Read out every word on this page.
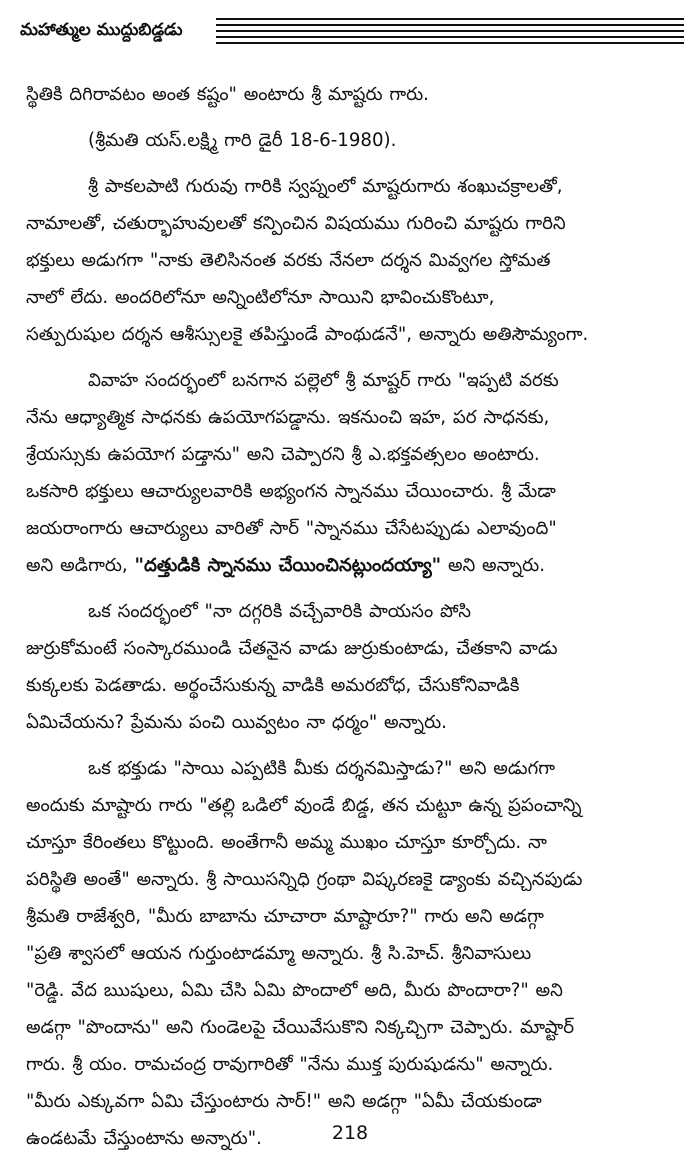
మహాత్ముల ముద్దుబిడ్డడు

స్థితికి దిగిరావటం అంత కష్టం" అంటారు శ్రీ మాష్టరు గారు.

(శ్రీమతి యస్.లక్ష్మి గారి డైరీ 18-6-1980).

శ్రీ పాకలపాటి గురువు గారికి స్వప్నంలో మాష్టరుగారు శంఖుచక్రాలతో,
నామాలతో, చతుర్భాహువులతో కన్పించిన విషయము గురించి మాష్టరు గారిని
భక్తులు అడుగగా "నాకు తెలిసినంత వరకు నేనలా దర్శన మివ్వగల స్తోమత
నాలో లేదు. అందరిలోనూ అన్నింటిలోనూ సాయిని భావించుకొంటూ,
సత్పురుషుల దర్శన ఆశీస్సులకై తపిస్తుండే పాంథుడనే", అన్నారు అతిసౌమ్యంగా.

వివాహ సందర్భంలో బనగాన పల్లెలో శ్రీ మాష్టర్ గారు "ఇప్పటి వరకు
నేను ఆధ్యాత్మిక సాధనకు ఉపయోగపడ్డాను. ఇకనుంచి ఇహ, పర సాధనకు,
శ్రేయస్సుకు ఉపయోగ పడ్తాను" అని చెప్పారని శ్రీ ఎ.భక్తవత్సలం అంటారు.
ఒకసారి భక్తులు ఆచార్యులవారికి అభ్యంగన స్నానము చేయించారు. శ్రీ మేడా
జయరాంగారు ఆచార్యులు వారితో సార్ "స్నానము చేసేటప్పుడు ఎలావుంది"
అని అడిగారు, "దత్తుడికి స్నానము చేయించినట్లుందయ్యా" అని అన్నారు.

ఒక సందర్భంలో "నా దగ్గరికి వచ్చేవారికి పాయసం పోసి
జుర్రుకోమంటే సంస్కారముండి చేతనైన వాడు జుర్రుకుంటాడు, చేతకాని వాడు
కుక్కలకు పెడతాడు. అర్థంచేసుకున్న వాడికి అమరబోధ, చేసుకోనివాడికి
ఏమిచేయను? ప్రేమను పంచి యివ్వటం నా ధర్మం" అన్నారు.

ఒక భక్తుడు "సాయి ఎప్పటికి మీకు దర్శనమిస్తాడు?" అని అడుగగా
అందుకు మాష్టారు గారు "తల్లి ఒడిలో వుండే బిడ్డ, తన చుట్టూ ఉన్న ప్రపంచాన్ని
చూస్తూ కేరింతలు కొట్టుంది. అంతేగానీ అమ్మ ముఖం చూస్తూ కూర్చోదు. నా
పరిస్థితి అంతే" అన్నారు. శ్రీ సాయిసన్నిధి గ్రంథా విష్కరణకై డ్యాంకు వచ్చినపుడు
శ్రీమతి రాజేశ్వరి, "మీరు బాబాను చూచారా మాష్టారూ?" గారు అని అడగ్గా
"ప్రతి శ్వాసలో ఆయన గుర్తుంటాడమ్మా అన్నారు. శ్రీ సి.హెచ్. శ్రీనివాసులు
"రెడ్డి. వేద ఋషులు, ఏమి చేసి ఏమి పొందాలో అది, మీరు పొందారా?" అని
అడగ్గా "పొందాను" అని గుండెలపై చేయివేసుకొని నిక్కచ్చిగా చెప్పారు. మాష్టార్
గారు. శ్రీ యం. రామచంద్ర రావుగారితో "నేను ముక్త పురుషుడను" అన్నారు.
"మీరు ఎక్కువగా ఏమి చేస్తుంటారు సార్!" అని అడగ్గా "ఏమీ చేయకుండా
ఉండటమే చేస్తుంటాను అన్నారు".	218
